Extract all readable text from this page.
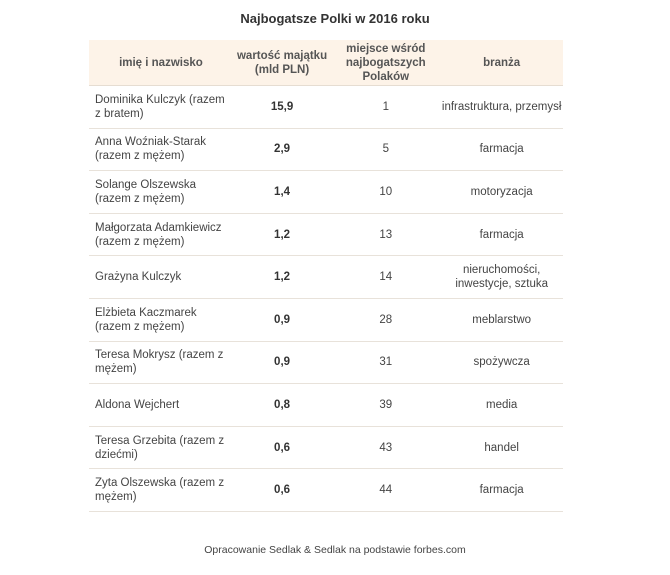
Najbogatsze Polki w 2016 roku
imię i nazwisko	wartość majątku (mld PLN)	miejsce wśród najbogatszych Polaków	branża
Dominika Kulczyk (razem z bratem)	15,9	1	infrastruktura, przemysł
Anna Woźniak-Starak (razem z mężem)	2,9	5	farmacja
Solange Olszewska (razem z mężem)	1,4	10	motoryzacja
Małgorzata Adamkiewicz (razem z mężem)	1,2	13	farmacja
Grażyna Kulczyk	1,2	14	nieruchomości, inwestycje, sztuka
Elżbieta Kaczmarek (razem z mężem)	0,9	28	meblarstwo
Teresa Mokrysz (razem z mężem)	0,9	31	spożywcza
Aldona Wejchert	0,8	39	media
Teresa Grzebita (razem z dziećmi)	0,6	43	handel
Zyta Olszewska (razem z mężem)	0,6	44	farmacja
Opracowanie Sedlak & Sedlak na podstawie forbes.com
